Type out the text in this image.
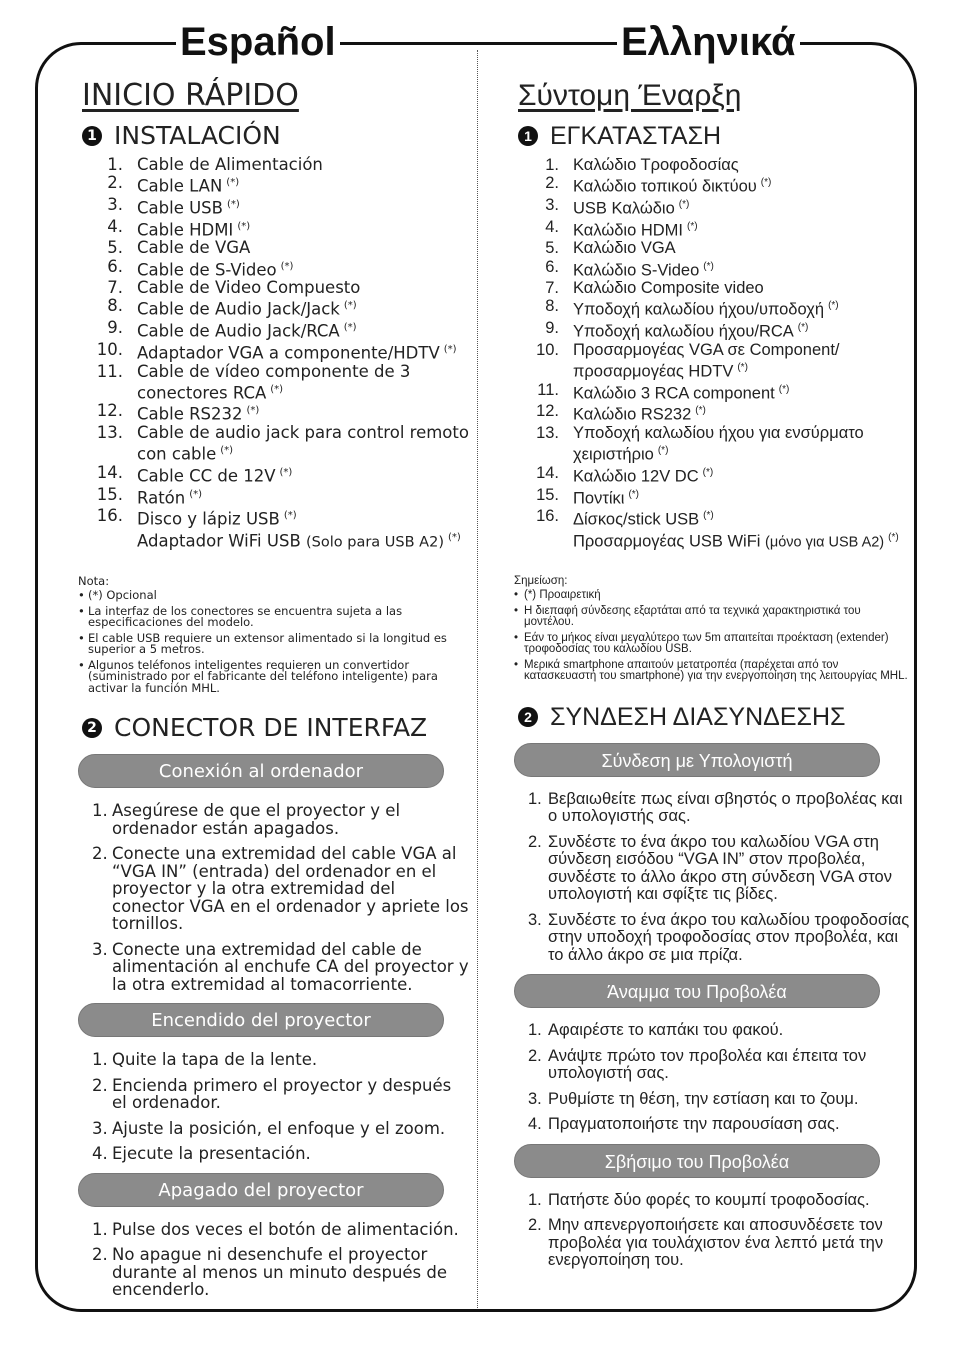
Español	Ελληνικά
INICIO RÁPIDO
1 INSTALACIÓN
1. Cable de Alimentación
2. Cable LAN (*)
3. Cable USB (*)
4. Cable HDMI (*)
5. Cable de VGA
6. Cable de S-Video (*)
7. Cable de Video Compuesto
8. Cable de Audio Jack/Jack (*)
9. Cable de Audio Jack/RCA (*)
10. Adaptador VGA a componente/HDTV (*)
11. Cable de vídeo componente de 3 conectores RCA (*)
12. Cable RS232 (*)
13. Cable de audio jack para control remoto con cable (*)
14. Cable CC de 12V (*)
15. Ratón (*)
16. Disco y lápiz USB (*)
Adaptador WiFi USB (Solo para USB A2) (*)
Nota:
• (*) Opcional
• La interfaz de los conectores se encuentra sujeta a las especificaciones del modelo.
• El cable USB requiere un extensor alimentado si la longitud es superior a 5 metros.
• Algunos teléfonos inteligentes requieren un convertidor (suministrado por el fabricante del teléfono inteligente) para activar la función MHL.
2 CONECTOR DE INTERFAZ
Conexión al ordenador
1. Asegúrese de que el proyector y el ordenador están apagados.
2. Conecte una extremidad del cable VGA al “VGA IN” (entrada) del ordenador en el proyector y la otra extremidad del conector VGA en el ordenador y apriete los tornillos.
3. Conecte una extremidad del cable de alimentación al enchufe CA del proyector y la otra extremidad al tomacorriente.
Encendido del proyector
1. Quite la tapa de la lente.
2. Encienda primero el proyector y después el ordenador.
3. Ajuste la posición, el enfoque y el zoom.
4. Ejecute la presentación.
Apagado del proyector
1. Pulse dos veces el botón de alimentación.
2. No apague ni desenchufe el proyector durante al menos un minuto después de encenderlo.
Σύντομη Έναρξη
1 ΕΓΚΑΤΑΣΤΑΣΗ
1. Καλώδιο Τροφοδοσίας
2. Καλώδιο τοπικού δικτύου (*)
3. USB Καλώδιο (*)
4. Καλώδιο HDMI (*)
5. Καλώδιο VGA
6. Καλώδιο S-Video (*)
7. Καλώδιο Composite video
8. Υποδοχή καλωδίου ήχου/υποδοχή (*)
9. Υποδοχή καλωδίου ήχου/RCA (*)
10. Προσαρμογέας VGA σε Component/ προσαρμογέας HDTV (*)
11. Καλώδιο 3 RCA component (*)
12. Καλώδιο RS232 (*)
13. Υποδοχή καλωδίου ήχου για ενσύρματο χειριστήριο (*)
14. Καλώδιο 12V DC (*)
15. Ποντίκι (*)
16. Δίσκος/stick USB (*)
Προσαρμογέας USB WiFi (μόνο για USB A2) (*)
Σημείωση:
• (*) Προαιρετική
• Η διεπαφή σύνδεσης εξαρτάται από τα τεχνικά χαρακτηριστικά του μοντέλου.
• Εάν το μήκος είναι μεγαλύτερο των 5m απαιτείται προέκταση (extender) τροφοδοσίας του καλωδίου USB.
• Μερικά smartphone απαιτούν μετατροπέα (παρέχεται από τον κατασκευαστή του smartphone) για την ενεργοποίηση της λειτουργίας MHL.
2 ΣΥΝΔΕΣΗ ΔΙΑΣΥΝΔΕΣΗΣ
Σύνδεση με Υπολογιστή
1. Βεβαιωθείτε πως είναι σβηστός ο προβολέας και ο υπολογιστής σας.
2. Συνδέστε το ένα άκρο του καλωδίου VGA στη σύνδεση εισόδου “VGA IN” στον προβολέα, συνδέστε το άλλο άκρο στη σύνδεση VGA στον υπολογιστή και σφίξτε τις βίδες.
3. Συνδέστε το ένα άκρο του καλωδίου τροφοδοσίας στην υποδοχή τροφοδοσίας στον προβολέα, και το άλλο άκρο σε μια πρίζα.
Άναμμα του Προβολέα
1. Αφαιρέστε το καπάκι του φακού.
2. Ανάψτε πρώτο τον προβολέα και έπειτα τον υπολογιστή σας.
3. Ρυθμίστε τη θέση, την εστίαση και το ζουμ.
4. Πραγματοποιήστε την παρουσίαση σας.
Σβήσιμο του Προβολέα
1. Πατήστε δύο φορές το κουμπί τροφοδοσίας.
2. Μην απενεργοποιήσετε και αποσυνδέσετε τον προβολέα για τουλάχιστον ένα λεπτό μετά την ενεργοποίηση του.
